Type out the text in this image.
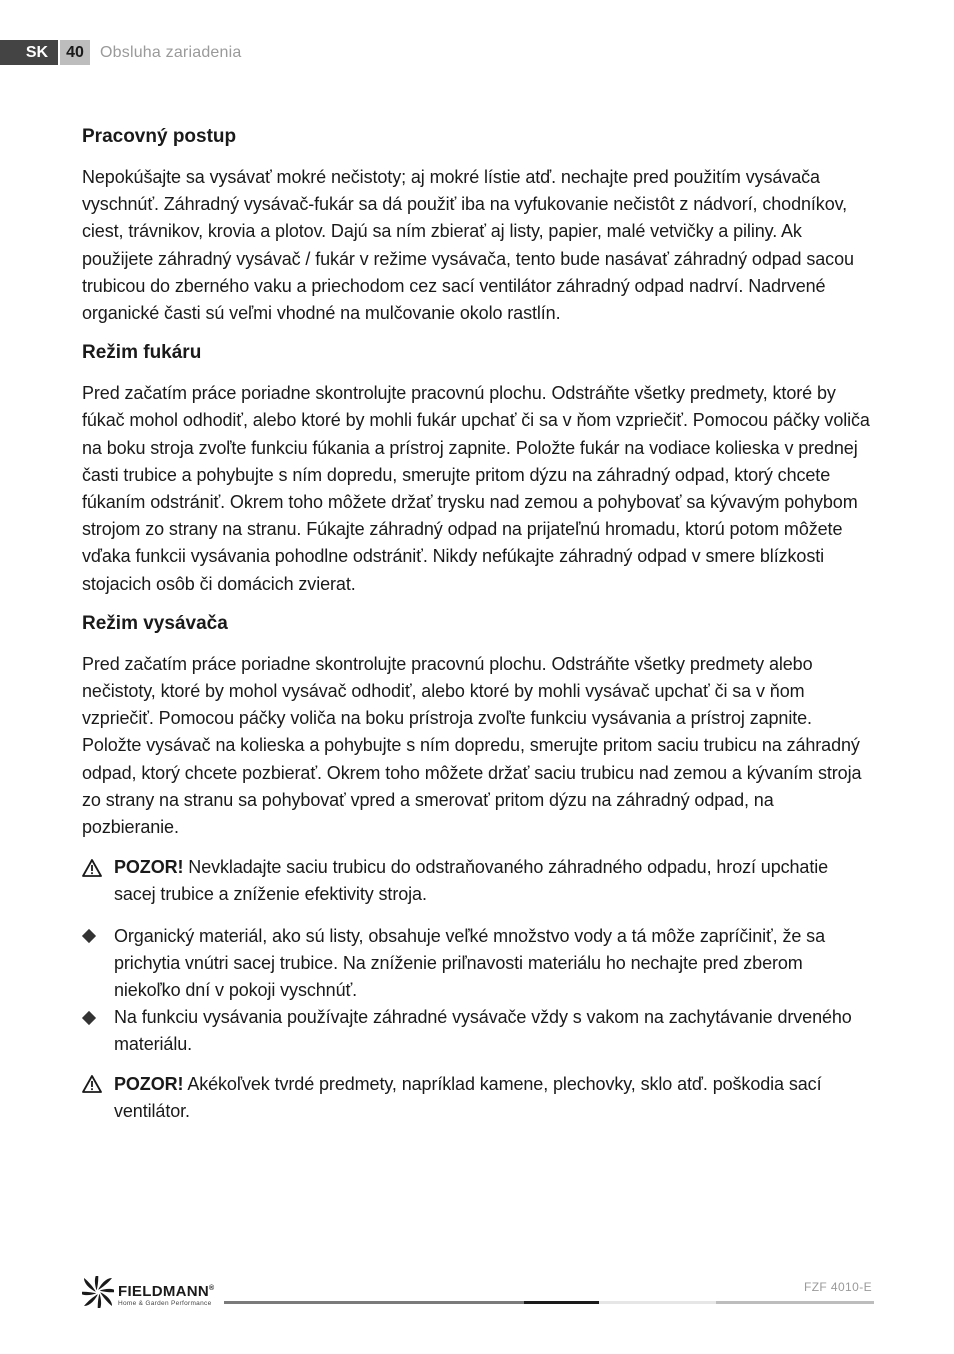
SK	40	Obsluha zariadenia
Pracovný postup

Nepokúšajte sa vysávať mokré nečistoty; aj mokré lístie atď. nechajte pred použitím vysávača vyschnúť. Záhradný vysávač-fukár sa dá použiť iba na vyfukovanie nečistôt z nádvorí, chodníkov, ciest, trávnikov, krovia a plotov. Dajú sa ním zbierať aj listy, papier, malé vetvičky a piliny. Ak použijete záhradný vysávač / fukár v režime vysávača, tento bude nasávať záhradný odpad sacou trubicou do zberného vaku a priechodom cez sací ventilátor záhradný odpad nadrví. Nadrvené organické časti sú veľmi vhodné na mulčovanie okolo rastlín.

Režim fukáru

Pred začatím práce poriadne skontrolujte pracovnú plochu. Odstráňte všetky predmety, ktoré by fúkač mohol odhodiť, alebo ktoré by mohli fukár upchať či sa v ňom vzpriečiť. Pomocou páčky voliča na boku stroja zvoľte funkciu fúkania a prístroj zapnite. Položte fukár na vodiace kolieska v prednej časti trubice a pohybujte s ním dopredu, smerujte pritom dýzu na záhradný odpad, ktorý chcete fúkaním odstrániť. Okrem toho môžete držať trysku nad zemou a pohybovať sa kývavým pohybom strojom zo strany na stranu. Fúkajte záhradný odpad na prijateľnú hromadu, ktorú potom môžete vďaka funkcii vysávania pohodlne odstrániť. Nikdy nefúkajte záhradný odpad v smere blízkosti stojacich osôb či domácich zvierat.

Režim vysávača

Pred začatím práce poriadne skontrolujte pracovnú plochu. Odstráňte všetky predmety alebo nečistoty, ktoré by mohol vysávač odhodiť, alebo ktoré by mohli vysávač upchať či sa v ňom vzpriečiť. Pomocou páčky voliča na boku prístroja zvoľte funkciu vysávania a prístroj zapnite. Položte vysávač na kolieska a pohybujte s ním dopredu, smerujte pritom saciu trubicu na záhradný odpad, ktorý chcete pozbierať. Okrem toho môžete držať saciu trubicu nad zemou a kývaním stroja zo strany na stranu sa pohybovať vpred a smerovať pritom dýzu na záhradný odpad, na pozbieranie.

POZOR! Nevkladajte saciu trubicu do odstraňovaného záhradného odpadu, hrozí upchatie sacej trubice a zníženie efektivity stroja.
Organický materiál, ako sú listy, obsahuje veľké množstvo vody a tá môže zapríčiniť, že sa prichytia vnútri sacej trubice. Na zníženie priľnavosti materiálu ho nechajte pred zberom niekoľko dní v pokoji vyschnúť.
Na funkciu vysávania používajte záhradné vysávače vždy s vakom na zachytávanie drveného materiálu.
POZOR! Akékoľvek tvrdé predmety, napríklad kamene, plechovky, sklo atď. poškodia sací ventilátor.
FIELDMANN®
Home & Garden Performance
FZF 4010-E
